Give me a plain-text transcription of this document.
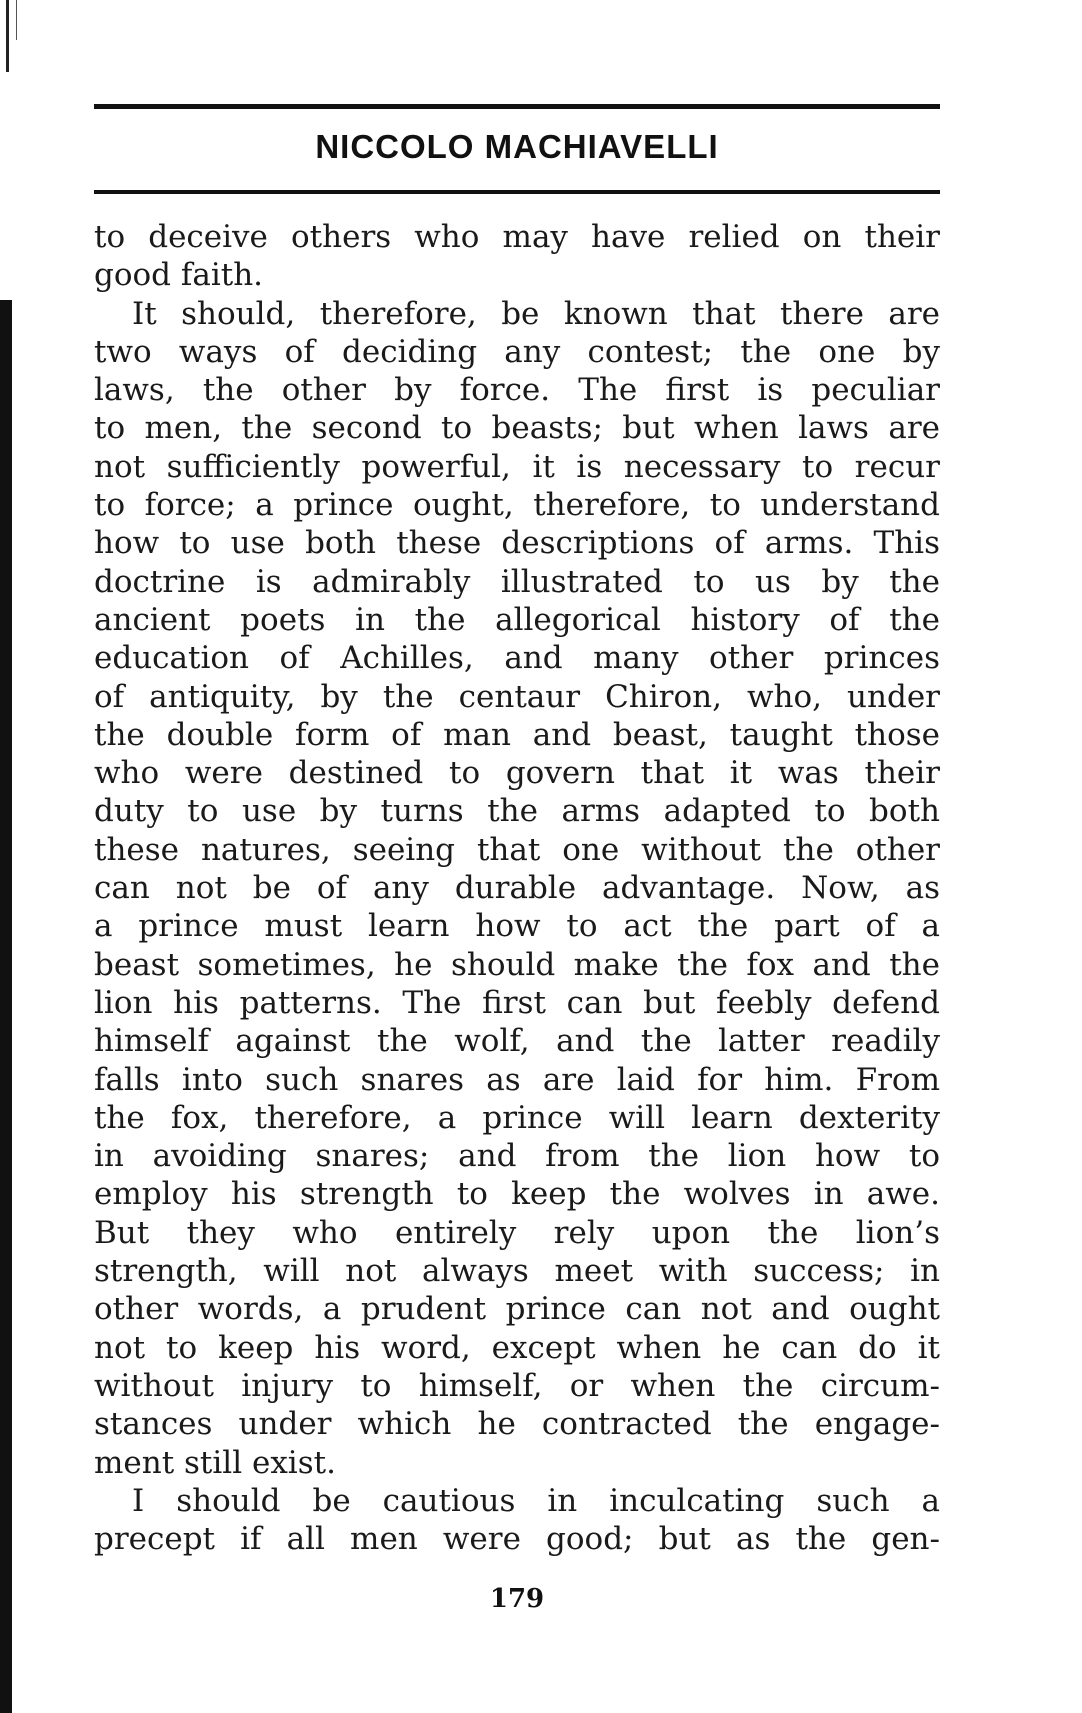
NICCOLO MACHIAVELLI
to deceive others who may have relied on their
good faith.
It should, therefore, be known that there are
two ways of deciding any contest; the one by
laws, the other by force. The first is peculiar
to men, the second to beasts; but when laws are
not sufficiently powerful, it is necessary to recur
to force; a prince ought, therefore, to understand
how to use both these descriptions of arms. This
doctrine is admirably illustrated to us by the
ancient poets in the allegorical history of the
education of Achilles, and many other princes
of antiquity, by the centaur Chiron, who, under
the double form of man and beast, taught those
who were destined to govern that it was their
duty to use by turns the arms adapted to both
these natures, seeing that one without the other
can not be of any durable advantage. Now, as
a prince must learn how to act the part of a
beast sometimes, he should make the fox and the
lion his patterns. The first can but feebly defend
himself against the wolf, and the latter readily
falls into such snares as are laid for him. From
the fox, therefore, a prince will learn dexterity
in avoiding snares; and from the lion how to
employ his strength to keep the wolves in awe.
But they who entirely rely upon the lion’s
strength, will not always meet with success; in
other words, a prudent prince can not and ought
not to keep his word, except when he can do it
without injury to himself, or when the circum-
stances under which he contracted the engage-
ment still exist.
I should be cautious in inculcating such a
precept if all men were good; but as the gen-
179
